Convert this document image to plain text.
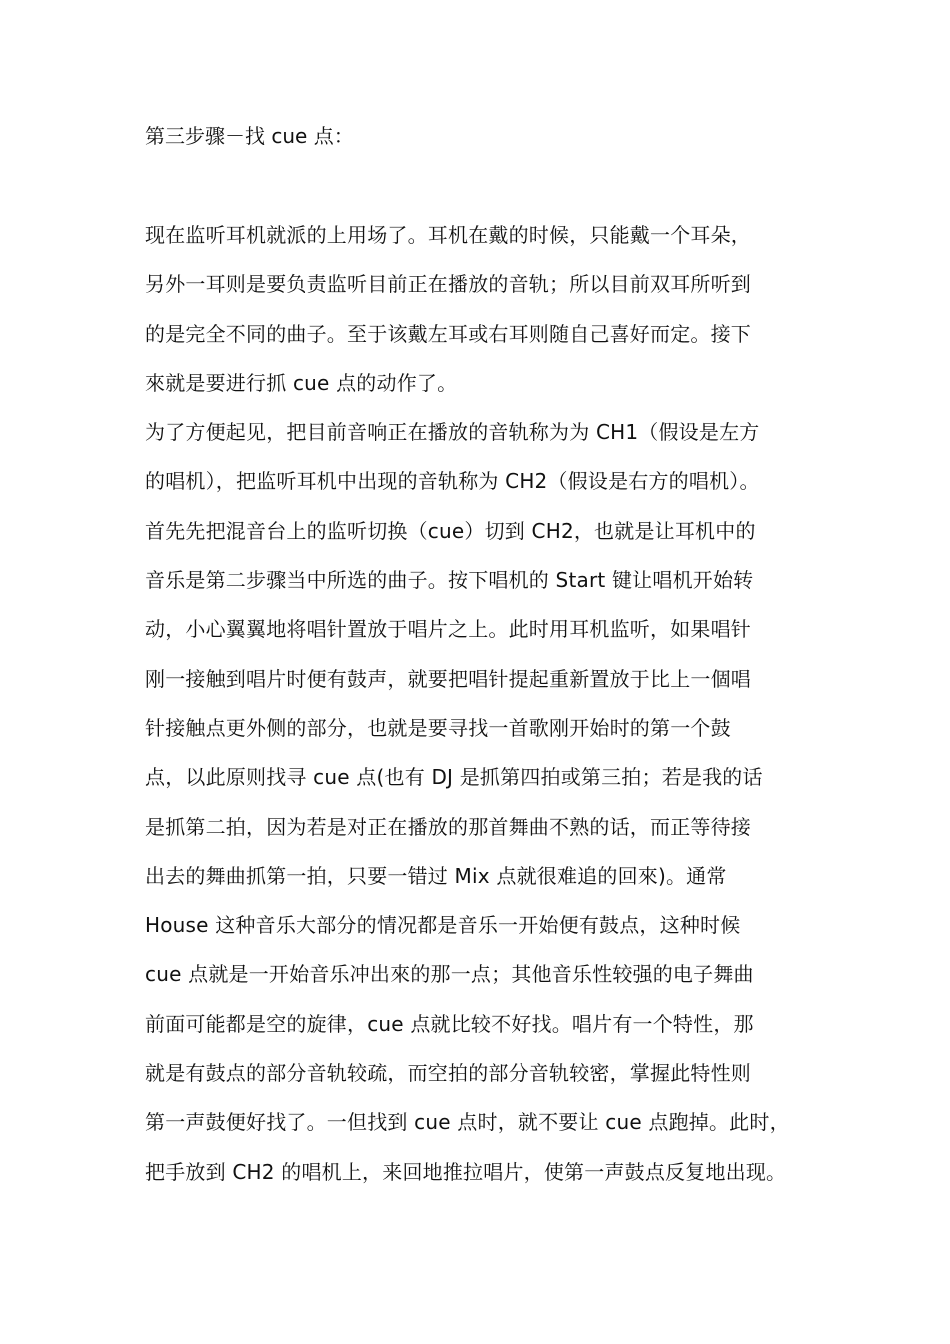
第三步骤－找 cue 点：
现在监听耳机就派的上用场了。耳机在戴的时候，只能戴一个耳朵，
另外一耳则是要负责监听目前正在播放的音轨；所以目前双耳所听到
的是完全不同的曲子。至于该戴左耳或右耳则随自己喜好而定。接下
來就是要进行抓 cue 点的动作了。
为了方便起见，把目前音响正在播放的音轨称为为 CH1（假设是左方
的唱机），把监听耳机中出现的音轨称为 CH2（假设是右方的唱机）。
首先先把混音台上的监听切换（cue）切到 CH2，也就是让耳机中的
音乐是第二步骤当中所选的曲子。按下唱机的 Start 键让唱机开始转
动，小心翼翼地将唱针置放于唱片之上。此时用耳机监听，如果唱针
刚一接触到唱片时便有鼓声，就要把唱针提起重新置放于比上一個唱
针接触点更外侧的部分，也就是要寻找一首歌刚开始时的第一个鼓
点，以此原则找寻 cue 点(也有 DJ 是抓第四拍或第三拍；若是我的话
是抓第二拍，因为若是对正在播放的那首舞曲不熟的话，而正等待接
出去的舞曲抓第一拍，只要一错过 Mix 点就很难追的回來)。通常
House 这种音乐大部分的情况都是音乐一开始便有鼓点，这种时候
cue 点就是一开始音乐冲出來的那一点；其他音乐性较强的电子舞曲
前面可能都是空的旋律，cue 点就比较不好找。唱片有一个特性，那
就是有鼓点的部分音轨较疏，而空拍的部分音轨较密，掌握此特性则
第一声鼓便好找了。一但找到 cue 点时，就不要让 cue 点跑掉。此时，
把手放到 CH2 的唱机上，来回地推拉唱片，使第一声鼓点反复地出现。
